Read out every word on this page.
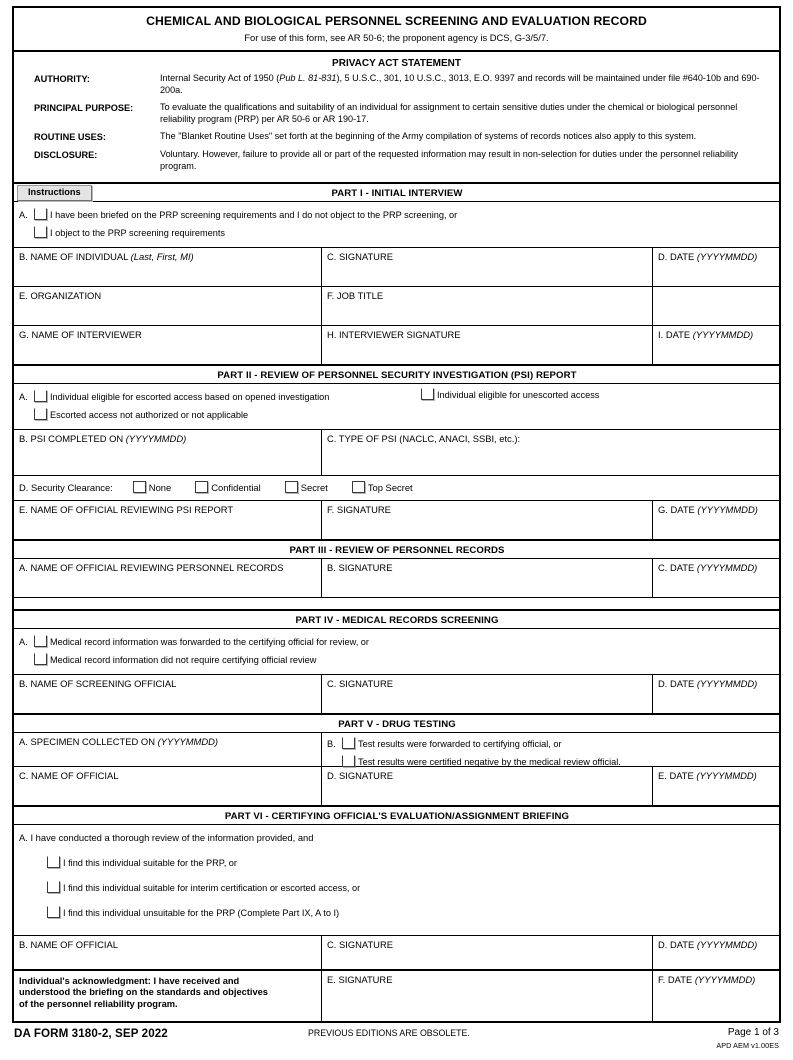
CHEMICAL AND BIOLOGICAL PERSONNEL SCREENING AND EVALUATION RECORD
For use of this form, see AR 50-6; the proponent agency is DCS, G-3/5/7.
PRIVACY ACT STATEMENT
AUTHORITY:	Internal Security Act of 1950 (Pub L. 81-831), 5 U.S.C., 301, 10 U.S.C., 3013, E.O. 9397 and records will be maintained under file #640-10b and 690-200a.
PRINCIPAL PURPOSE:	To evaluate the qualifications and suitability of an individual for assignment to certain sensitive duties under the chemical or biological personnel reliability program (PRP) per AR 50-6 or AR 190-17.
ROUTINE USES:	The "Blanket Routine Uses" set forth at the beginning of the Army compilation of systems of records notices also apply to this system.
DISCLOSURE:	Voluntary. However, failure to provide all or part of the requested information may result in non-selection for duties under the personnel reliability program.
Instructions	PART I - INITIAL INTERVIEW
A. I have been briefed on the PRP screening requirements and I do not object to the PRP screening, or
I object to the PRP screening requirements
B. NAME OF INDIVIDUAL (Last, First, MI)	C. SIGNATURE	D. DATE (YYYYMMDD)
E. ORGANIZATION	F. JOB TITLE
G. NAME OF INTERVIEWER	H. INTERVIEWER SIGNATURE	I. DATE (YYYYMMDD)
PART II - REVIEW OF PERSONNEL SECURITY INVESTIGATION (PSI) REPORT
A. Individual eligible for escorted access based on opened investigation	Individual eligible for unescorted access
Escorted access not authorized or not applicable
B. PSI COMPLETED ON (YYYYMMDD)	C. TYPE OF PSI (NACLC, ANACI, SSBI, etc.):
D. Security Clearance:	None	Confidential	Secret	Top Secret
E. NAME OF OFFICIAL REVIEWING PSI REPORT	F. SIGNATURE	G. DATE (YYYYMMDD)
PART III - REVIEW OF PERSONNEL RECORDS
A. NAME OF OFFICIAL REVIEWING PERSONNEL RECORDS	B. SIGNATURE	C. DATE (YYYYMMDD)
PART IV - MEDICAL RECORDS SCREENING
A. Medical record information was forwarded to the certifying official for review, or
Medical record information did not require certifying official review
B. NAME OF SCREENING OFFICIAL	C. SIGNATURE	D. DATE (YYYYMMDD)
PART V - DRUG TESTING
A. SPECIMEN COLLECTED ON (YYYYMMDD)	B. Test results were forwarded to certifying official, or
Test results were certified negative by the medical review official.
C. NAME OF OFFICIAL	D. SIGNATURE	E. DATE (YYYYMMDD)
PART VI - CERTIFYING OFFICIAL'S EVALUATION/ASSIGNMENT BRIEFING
A. I have conducted a thorough review of the information provided, and
I find this individual suitable for the PRP, or
I find this individual suitable for interim certification or escorted access, or
I find this individual unsuitable for the PRP (Complete Part IX, A to I)
B. NAME OF OFFICIAL	C. SIGNATURE	D. DATE (YYYYMMDD)
Individual's acknowledgment: I have received and
understood the briefing on the standards and objectives
of the personnel reliability program.
E. SIGNATURE	F. DATE (YYYYMMDD)
DA FORM 3180-2, SEP 2022	PREVIOUS EDITIONS ARE OBSOLETE.	Page 1 of 3
APD AEM v1.00ES
